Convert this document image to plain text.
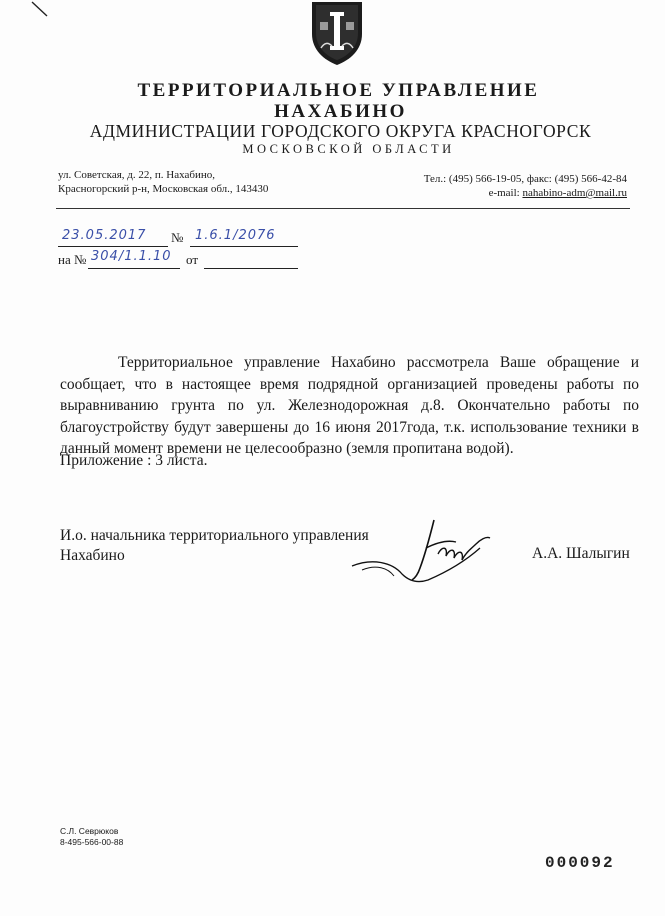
ТЕРРИТОРИАЛЬНОЕ УПРАВЛЕНИЕ
НАХАБИНО
АДМИНИСТРАЦИИ ГОРОДСКОГО ОКРУГА КРАСНОГОРСК
МОСКОВСКОЙ ОБЛАСТИ
ул. Советская, д. 22, п. Нахабино,
Красногорский р-н, Московская обл., 143430
Тел.: (495) 566-19-05, факс: (495) 566-42-84
e-mail: nahabino-adm@mail.ru
23.05.2017 № 1.6.1/2076
на № 304/1.1.10 от

Территориальное управление Нахабино рассмотрела Ваше обращение и сообщает, что в настоящее время подрядной организацией проведены работы по выравниванию грунта по ул. Железнодорожная д.8. Окончательно работы по благоустройству будут завершены до 16 июня 2017года, т.к. использование техники в данный момент времени не целесообразно (земля пропитана водой).

Приложение : 3 листа.
И.о. начальника территориального управления
Нахабино	А.А. Шалыгин
С.Л. Севрюков
8-495-566-00-88
000092
